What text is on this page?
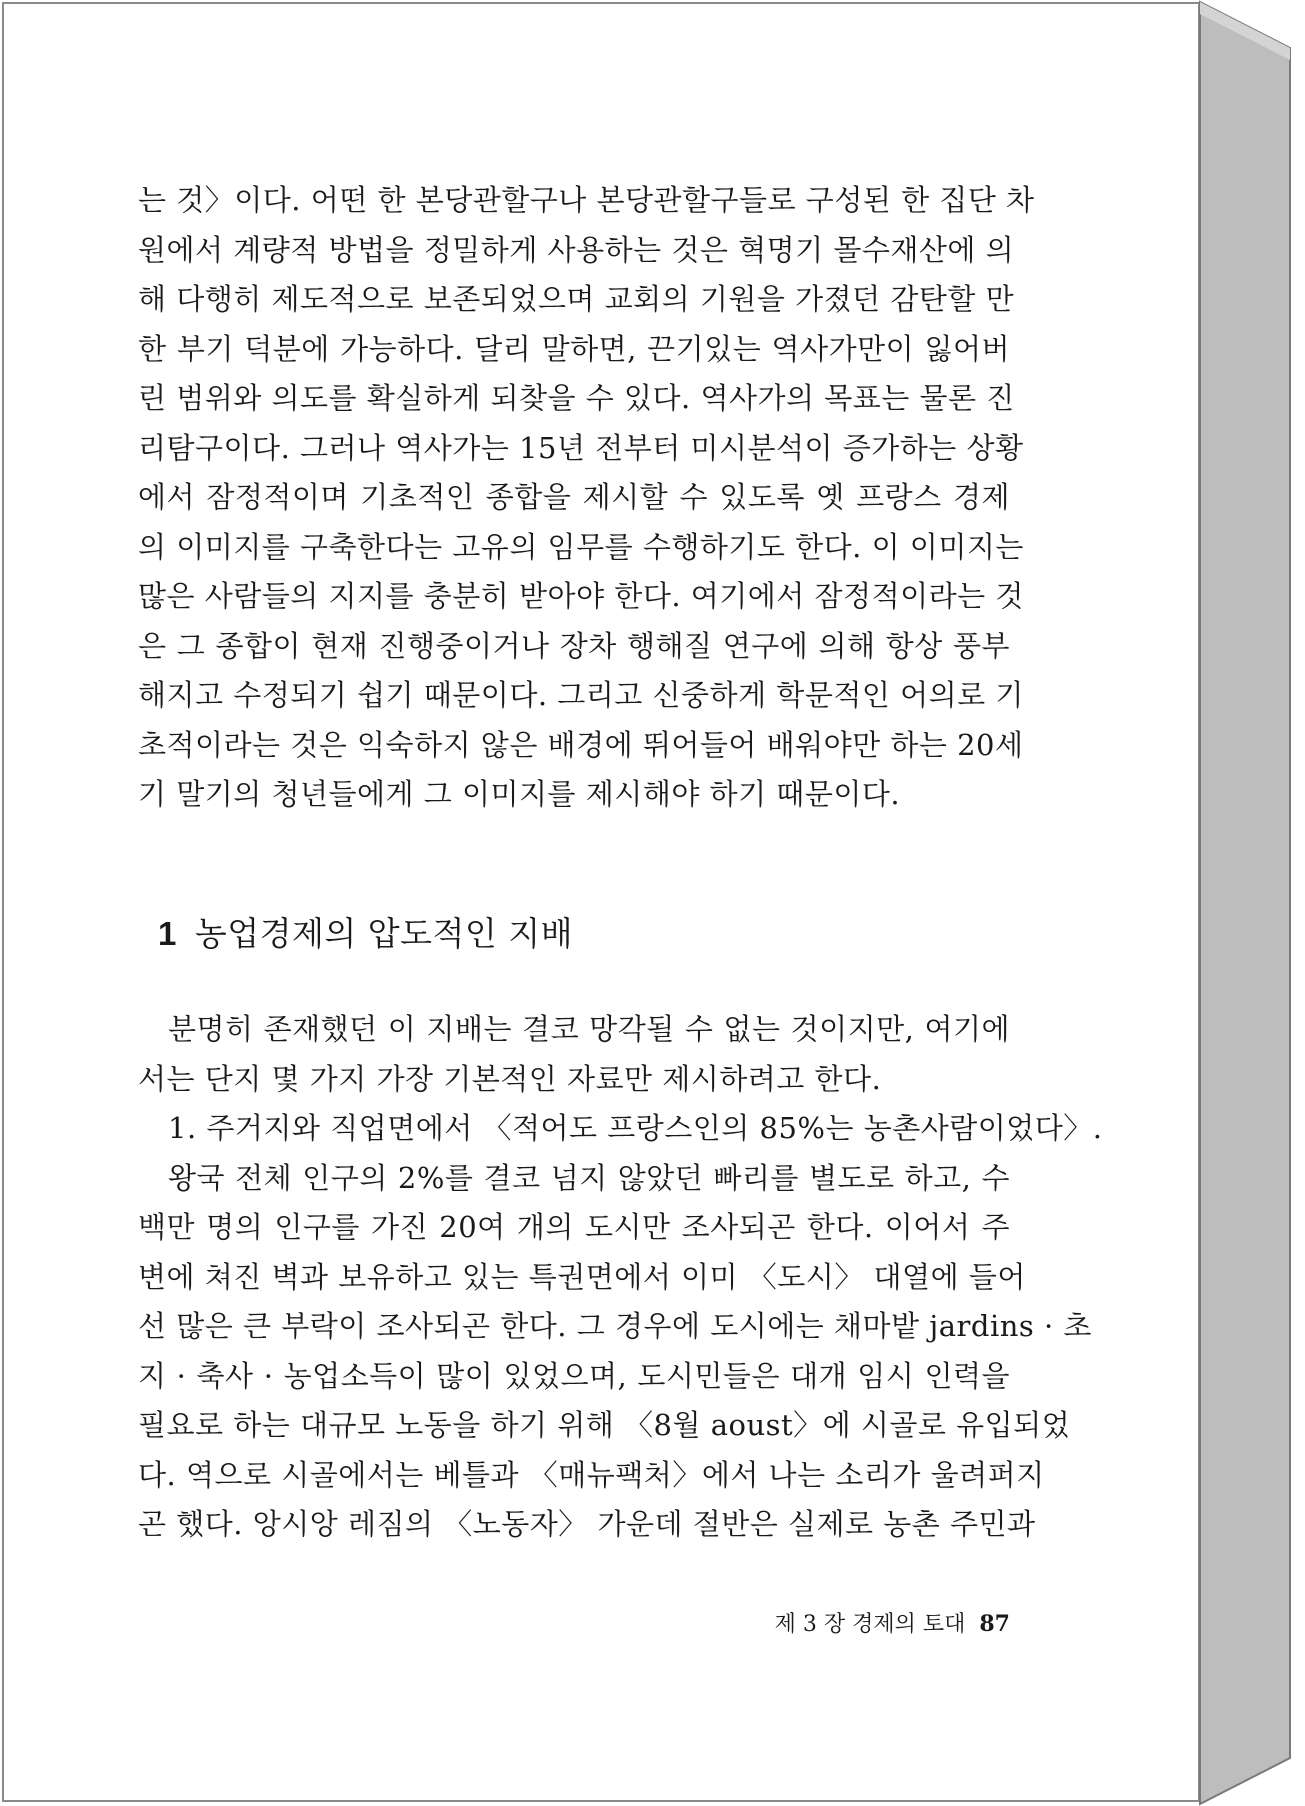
는 것〉이다. 어떤 한 본당관할구나 본당관할구들로 구성된 한 집단 차
원에서 계량적 방법을 정밀하게 사용하는 것은 혁명기 몰수재산에 의
해 다행히 제도적으로 보존되었으며 교회의 기원을 가졌던 감탄할 만
한 부기 덕분에 가능하다. 달리 말하면, 끈기있는 역사가만이 잃어버
린 범위와 의도를 확실하게 되찾을 수 있다. 역사가의 목표는 물론 진
리탐구이다. 그러나 역사가는 15년 전부터 미시분석이 증가하는 상황
에서 잠정적이며 기초적인 종합을 제시할 수 있도록 옛 프랑스 경제
의 이미지를 구축한다는 고유의 임무를 수행하기도 한다. 이 이미지는
많은 사람들의 지지를 충분히 받아야 한다. 여기에서 잠정적이라는 것
은 그 종합이 현재 진행중이거나 장차 행해질 연구에 의해 항상 풍부
해지고 수정되기 쉽기 때문이다. 그리고 신중하게 학문적인 어의로 기
초적이라는 것은 익숙하지 않은 배경에 뛰어들어 배워야만 하는 20세
기 말기의 청년들에게 그 이미지를 제시해야 하기 때문이다.
1 농업경제의 압도적인 지배
분명히 존재했던 이 지배는 결코 망각될 수 없는 것이지만, 여기에
서는 단지 몇 가지 가장 기본적인 자료만 제시하려고 한다.
1. 주거지와 직업면에서 〈적어도 프랑스인의 85%는 농촌사람이었다〉.
왕국 전체 인구의 2%를 결코 넘지 않았던 빠리를 별도로 하고, 수
백만 명의 인구를 가진 20여 개의 도시만 조사되곤 한다. 이어서 주
변에 쳐진 벽과 보유하고 있는 특권면에서 이미 〈도시〉 대열에 들어
선 많은 큰 부락이 조사되곤 한다. 그 경우에 도시에는 채마밭 jardins · 초
지 · 축사 · 농업소득이 많이 있었으며, 도시민들은 대개 임시 인력을
필요로 하는 대규모 노동을 하기 위해 〈8월 aoust〉에 시골로 유입되었
다. 역으로 시골에서는 베틀과 〈매뉴팩처〉에서 나는 소리가 울려퍼지
곤 했다. 앙시앙 레짐의 〈노동자〉 가운데 절반은 실제로 농촌 주민과
제 3 장 경제의 토대 87
